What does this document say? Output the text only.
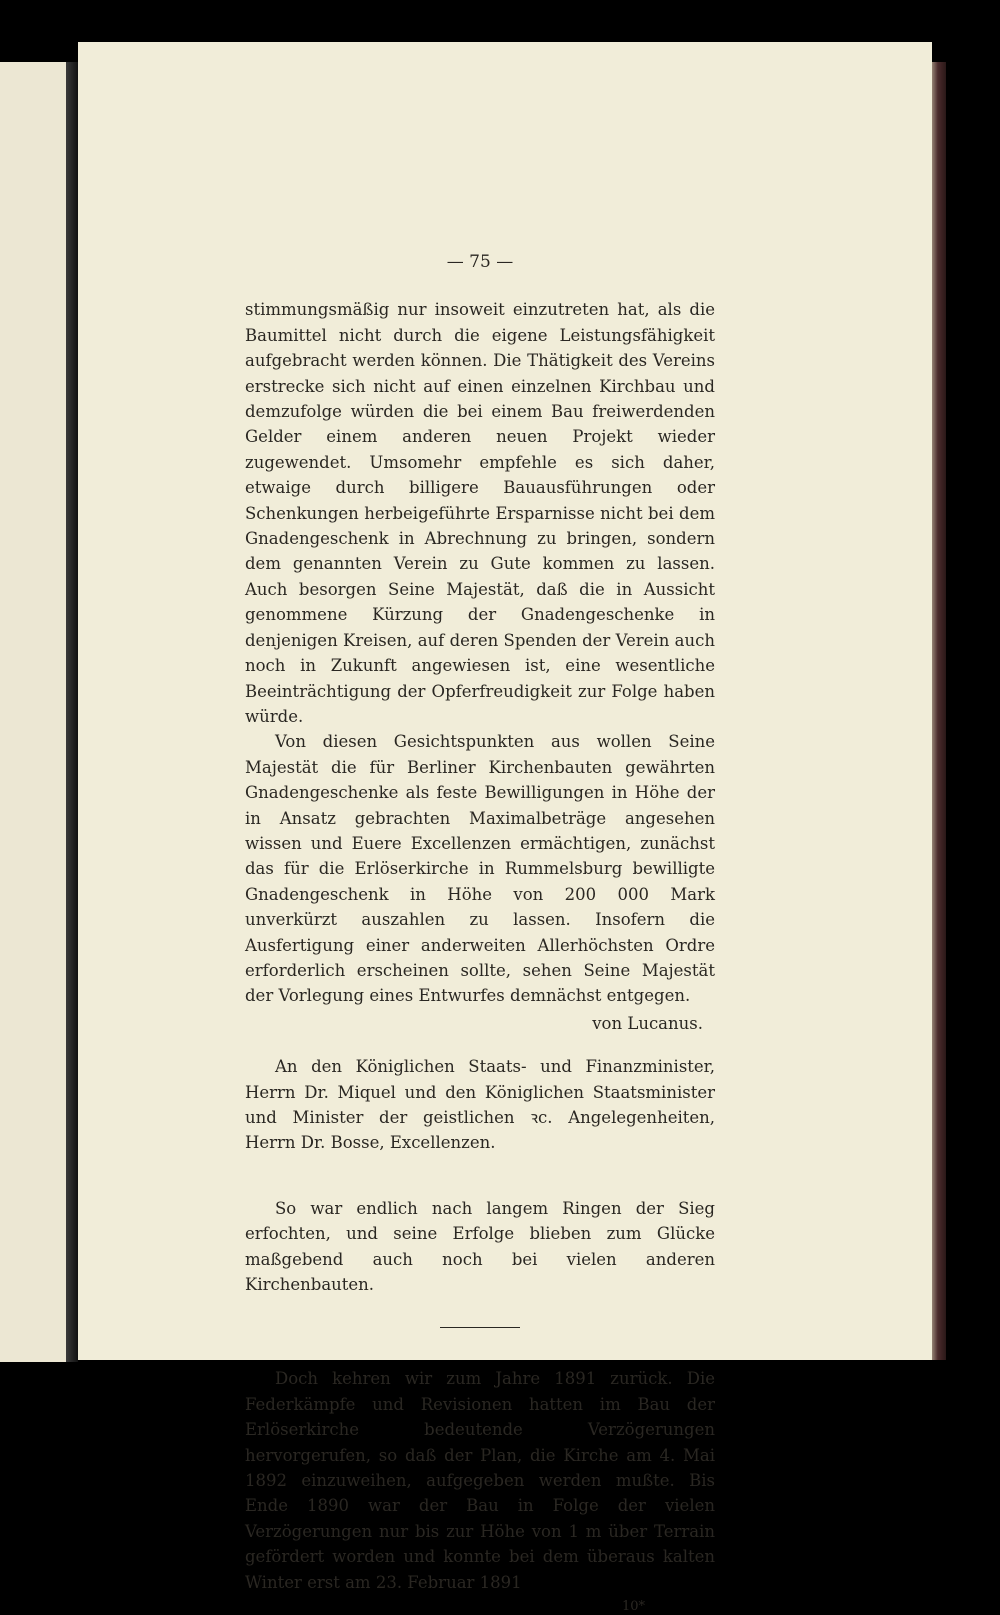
— 75 —

stimmungsmäßig nur insoweit einzutreten hat, als die Baumittel nicht durch die eigene Leistungsfähigkeit aufgebracht werden können. Die Thätigkeit des Vereins erstrecke sich nicht auf einen einzelnen Kirchbau und demzufolge würden die bei einem Bau freiwerdenden Gelder einem anderen neuen Projekt wieder zugewendet. Umsomehr empfehle es sich daher, etwaige durch billigere Bauausführungen oder Schenkungen herbeigeführte Ersparnisse nicht bei dem Gnadengeschenk in Abrechnung zu bringen, sondern dem genannten Verein zu Gute kommen zu lassen. Auch besorgen Seine Majestät, daß die in Aussicht genommene Kürzung der Gnadengeschenke in denjenigen Kreisen, auf deren Spenden der Verein auch noch in Zukunft angewiesen ist, eine wesentliche Beeinträchtigung der Opferfreudigkeit zur Folge haben würde.

Von diesen Gesichtspunkten aus wollen Seine Majestät die für Berliner Kirchenbauten gewährten Gnadengeschenke als feste Bewilligungen in Höhe der in Ansatz gebrachten Maximalbeträge angesehen wissen und Euere Excellenzen ermächtigen, zunächst das für die Erlöserkirche in Rummelsburg bewilligte Gnadengeschenk in Höhe von 200 000 Mark unverkürzt auszahlen zu lassen. Insofern die Ausfertigung einer anderweiten Allerhöchsten Ordre erforderlich erscheinen sollte, sehen Seine Majestät der Vorlegung eines Entwurfes demnächst entgegen.

von Lucanus.

An den Königlichen Staats- und Finanzminister, Herrn Dr. Miquel und den Königlichen Staatsminister und Minister der geistlichen ꝛc. Angelegenheiten, Herrn Dr. Bosse, Excellenzen.

So war endlich nach langem Ringen der Sieg erfochten, und seine Erfolge blieben zum Glücke maßgebend auch noch bei vielen anderen Kirchenbauten.

Doch kehren wir zum Jahre 1891 zurück. Die Federkämpfe und Revisionen hatten im Bau der Erlöserkirche bedeutende Verzögerungen hervorgerufen, so daß der Plan, die Kirche am 4. Mai 1892 einzuweihen, aufgegeben werden mußte. Bis Ende 1890 war der Bau in Folge der vielen Verzögerungen nur bis zur Höhe von 1 m über Terrain gefördert worden und konnte bei dem überaus kalten Winter erst am 23. Februar 1891

10*
